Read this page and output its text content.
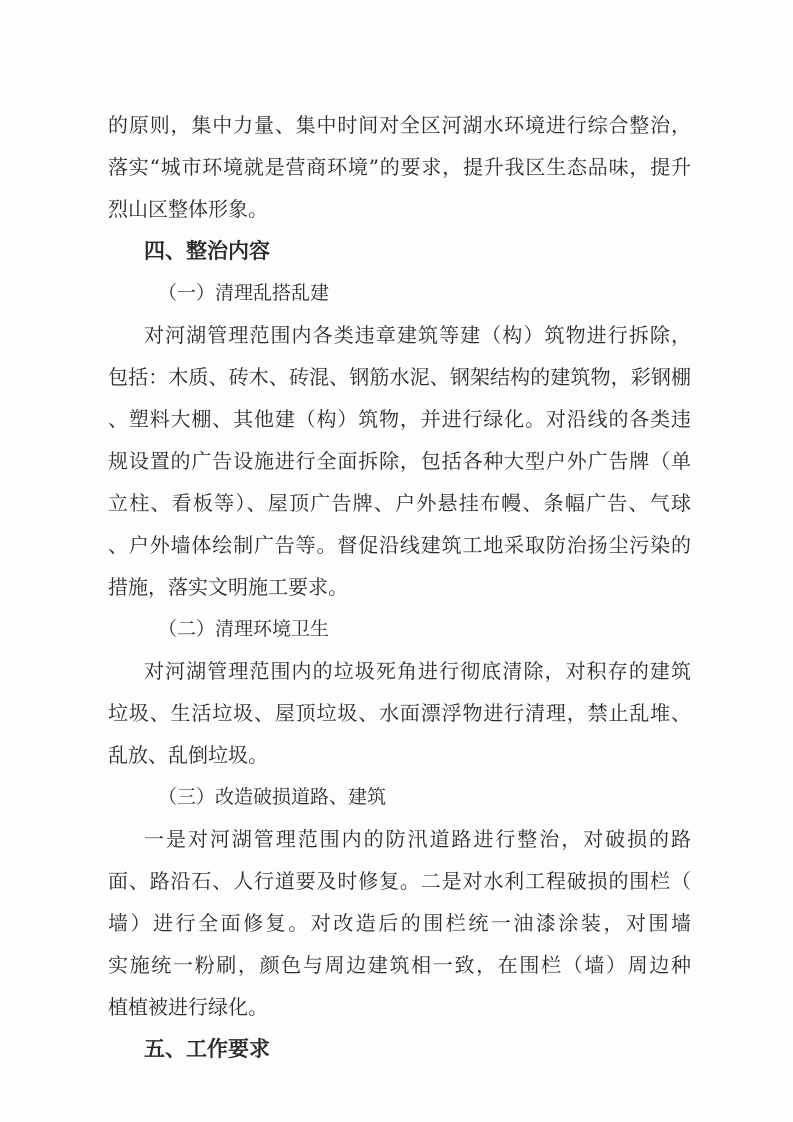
的原则，集中力量、集中时间对全区河湖水环境进行综合整治，
落实“城市环境就是营商环境”的要求，提升我区生态品味，提升
烈山区整体形象。
四、整治内容
（一）清理乱搭乱建
对河湖管理范围内各类违章建筑等建（构）筑物进行拆除，
包括：木质、砖木、砖混、钢筋水泥、钢架结构的建筑物，彩钢棚
、塑料大棚、其他建（构）筑物，并进行绿化。对沿线的各类违
规设置的广告设施进行全面拆除，包括各种大型户外广告牌（单
立柱、看板等）、屋顶广告牌、户外悬挂布幔、条幅广告、气球
、户外墙体绘制广告等。督促沿线建筑工地采取防治扬尘污染的
措施，落实文明施工要求。
（二）清理环境卫生
对河湖管理范围内的垃圾死角进行彻底清除，对积存的建筑
垃圾、生活垃圾、屋顶垃圾、水面漂浮物进行清理，禁止乱堆、
乱放、乱倒垃圾。
（三）改造破损道路、建筑
一是对河湖管理范围内的防汛道路进行整治，对破损的路
面、路沿石、人行道要及时修复。二是对水利工程破损的围栏（
墙）进行全面修复。对改造后的围栏统一油漆涂装，对围墙
实施统一粉刷，颜色与周边建筑相一致，在围栏（墙）周边种
植植被进行绿化。
五、工作要求
